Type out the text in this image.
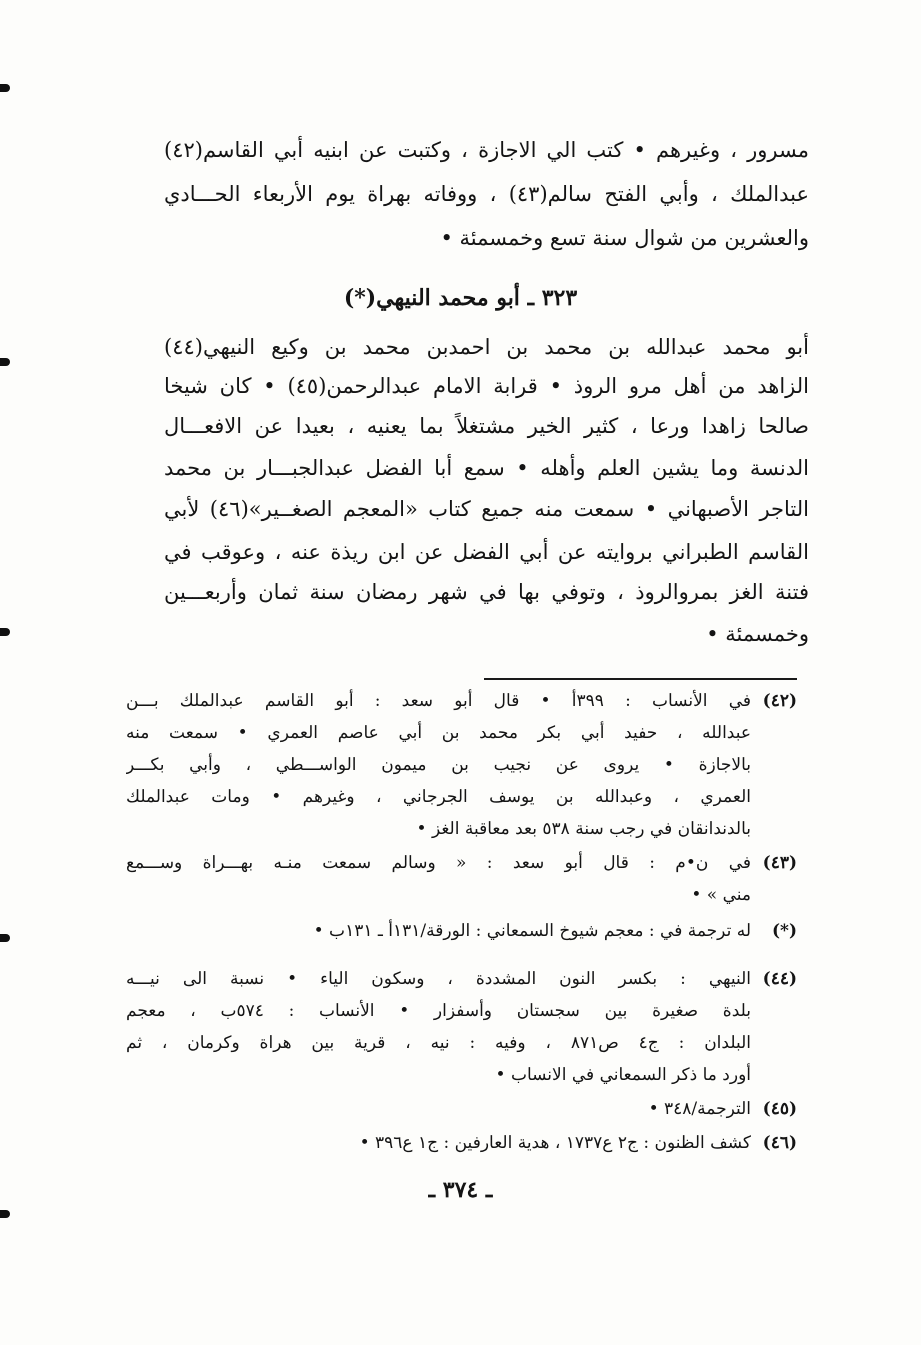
مسرور ، وغيرهم • كتب الي الاجازة ، وكتبت عن ابنيه أبي القاسم(٤٢)
عبدالملك ، وأبي الفتح سالم(٤٣) ، ووفاته بهراة يوم الأربعاء الحـــادي
والعشرين من شوال سنة تسع وخمسمئة •
٣٢٣ ـ أبو محمد النيهي(*)
أبو محمد عبدالله بن محمد بن احمدبن محمد بن وكيع النيهي(٤٤)
الزاهد من أهل مرو الروذ • قرابة الامام عبدالرحمن(٤٥) • كان شيخا
صالحا زاهدا ورعا ، كثير الخير مشتغلاً بما يعنيه ، بعيدا عن الافعـــال
الدنسة وما يشين العلم وأهله • سمع أبا الفضل عبدالجبـــار بن محمد
التاجر الأصبهاني • سمعت منه جميع كتاب «المعجم الصغــير»(٤٦) لأبي
القاسم الطبراني بروايته عن أبي الفضل عن ابن ريذة عنه ، وعوقب في
فتنة الغز بمروالروذ ، وتوفي بها في شهر رمضان سنة ثمان وأربعـــين
وخمسمئة •
(٤٢)
في الأنساب : ٣٩٩أ • قال أبو سعد : أبو القاسم عبدالملك بـــن
عبدالله ، حفيد أبي بكر محمد بن أبي عاصم العمري • سمعت منه
بالاجازة • يروى عن نجيب بن ميمون الواســـطي ، وأبي بكـــر
العمري ، وعبدالله بن يوسف الجرجاني ، وغيرهم • ومات عبدالملك
بالدندانقان في رجب سنة ٥٣٨ بعد معاقبة الغز •
(٤٣)
في ن•م : قال أبو سعد : « وسالم سمعت منـه بهـــراة وســـمع
مني » •
(*)
له ترجمة في : معجم شيوخ السمعاني : الورقة/١٣١أ ـ ١٣١ب •
(٤٤)
النيهي : بكسر النون المشددة ، وسكون الياء • نسبة الى نيـــه
بلدة صغيرة بين سجستان وأسفزار • الأنساب : ٥٧٤ب ، معجم
البلدان : ج٤ ص٨٧١ ، وفيه : نيه ، قرية بين هراة وكرمان ، ثم
أورد ما ذكر السمعاني في الانساب •
(٤٥)
الترجمة/٣٤٨ •
(٤٦)
كشف الظنون : ج٢ ع١٧٣٧ ، هدية العارفين : ج١ ع٣٩٦ •
ـ ٣٧٤ ـ
